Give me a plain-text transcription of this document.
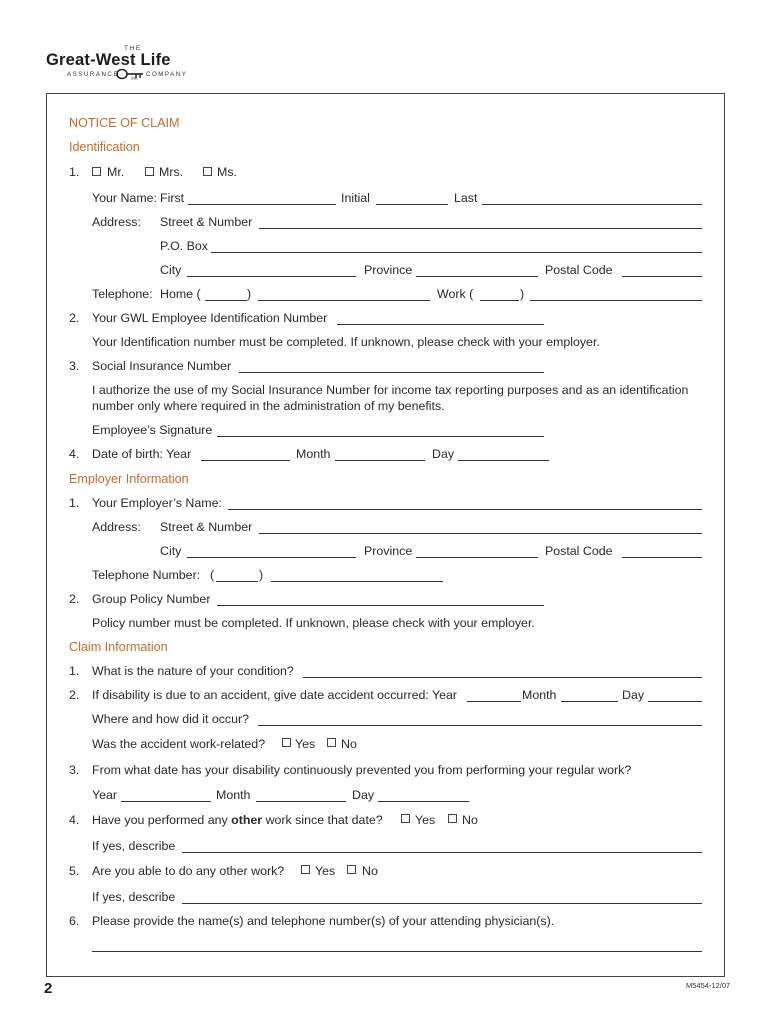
THE
Great-West Life
ASSURANCE
GWL
COMPANY
NOTICE OF CLAIM
Identification
1. Mr.	Mrs.	Ms.
Your Name: First	Initial	Last
Address: Street & Number
P.O. Box
City	Province	Postal Code
Telephone: Home (	)	Work (	)
2. Your GWL Employee Identification Number
Your Identification number must be completed. If unknown, please check with your employer.
3. Social Insurance Number
I authorize the use of my Social Insurance Number for income tax reporting purposes and as an identification
number only where required in the administration of my benefits.
Employee’s Signature
4. Date of birth: Year	Month	Day
Employer Information
1. Your Employer’s Name:
Address: Street & Number
City	Province	Postal Code
Telephone Number: (	)
2. Group Policy Number
Policy number must be completed. If unknown, please check with your employer.
Claim Information
1. What is the nature of your condition?
2. If disability is due to an accident, give date accident occurred: Year	Month	Day
Where and how did it occur?
Was the accident work-related? Yes No
3. From what date has your disability continuously prevented you from performing your regular work?
Year	Month	Day
4. Have you performed any other work since that date?	Yes No
If yes, describe
5. Are you able to do any other work? Yes No
If yes, describe
6. Please provide the name(s) and telephone number(s) of your attending physician(s).
2	M5454-12/07
